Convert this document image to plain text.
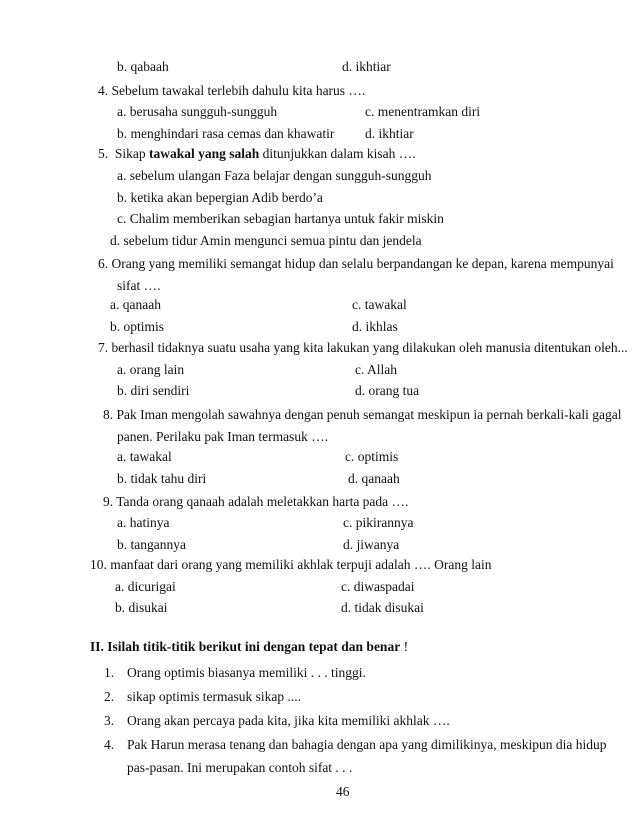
b. qabaah	d. ikhtiar
4. Sebelum tawakal terlebih dahulu kita harus ….
a. berusaha sungguh-sungguh	c. menentramkan diri
b. menghindari rasa cemas dan khawatir d. ikhtiar
5. Sikap tawakal yang salah ditunjukkan dalam kisah ….
a. sebelum ulangan Faza belajar dengan sungguh-sungguh
b. ketika akan bepergian Adib berdo’a
c. Chalim memberikan sebagian hartanya untuk fakir miskin
d. sebelum tidur Amin mengunci semua pintu dan jendela
6. Orang yang memiliki semangat hidup dan selalu berpandangan ke depan, karena mempunyai
sifat ….
a. qanaah	c. tawakal
b. optimis	d. ikhlas
7. berhasil tidaknya suatu usaha yang kita lakukan yang dilakukan oleh manusia ditentukan oleh...
a. orang lain	c. Allah
b. diri sendiri	d. orang tua
8. Pak Iman mengolah sawahnya dengan penuh semangat meskipun ia pernah berkali-kali gagal
panen. Perilaku pak Iman termasuk ….
a. tawakal	c. optimis
b. tidak tahu diri	d. qanaah
9. Tanda orang qanaah adalah meletakkan harta pada ….
a. hatinya	c. pikirannya
b. tangannya	d. jiwanya
10. manfaat dari orang yang memiliki akhlak terpuji adalah …. Orang lain
a. dicurigai	c. diwaspadai
b. disukai	d. tidak disukai
II. Isilah titik-titik berikut ini dengan tepat dan benar !
1. Orang optimis biasanya memiliki . . . tinggi.
2. sikap optimis termasuk sikap ....
3. Orang akan percaya pada kita, jika kita memiliki akhlak ….
4. Pak Harun merasa tenang dan bahagia dengan apa yang dimilikinya, meskipun dia hidup
pas-pasan. Ini merupakan contoh sifat . . .
46
